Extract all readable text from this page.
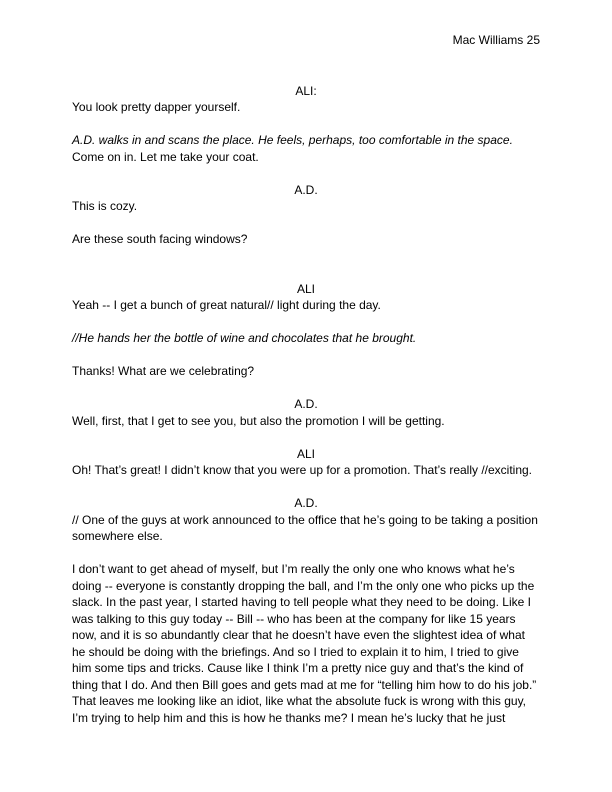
Mac Williams 25
ALI:
You look pretty dapper yourself.
A.D. walks in and scans the place. He feels, perhaps, too comfortable in the space.
Come on in. Let me take your coat.
A.D.
This is cozy.
Are these south facing windows?
ALI
Yeah -- I get a bunch of great natural// light during the day.
//He hands her the bottle of wine and chocolates that he brought.
Thanks! What are we celebrating?
A.D.
Well, first, that I get to see you, but also the promotion I will be getting.
ALI
Oh! That’s great! I didn’t know that you were up for a promotion. That’s really //exciting.
A.D.
// One of the guys at work announced to the office that he’s going to be taking a position somewhere else.
I don’t want to get ahead of myself, but I’m really the only one who knows what he’s doing -- everyone is constantly dropping the ball, and I’m the only one who picks up the slack. In the past year, I started having to tell people what they need to be doing. Like I was talking to this guy today -- Bill -- who has been at the company for like 15 years now, and it is so abundantly clear that he doesn’t have even the slightest idea of what he should be doing with the briefings. And so I tried to explain it to him, I tried to give him some tips and tricks. Cause like I think I’m a pretty nice guy and that’s the kind of thing that I do. And then Bill goes and gets mad at me for “telling him how to do his job.” That leaves me looking like an idiot, like what the absolute fuck is wrong with this guy, I’m trying to help him and this is how he thanks me? I mean he’s lucky that he just
